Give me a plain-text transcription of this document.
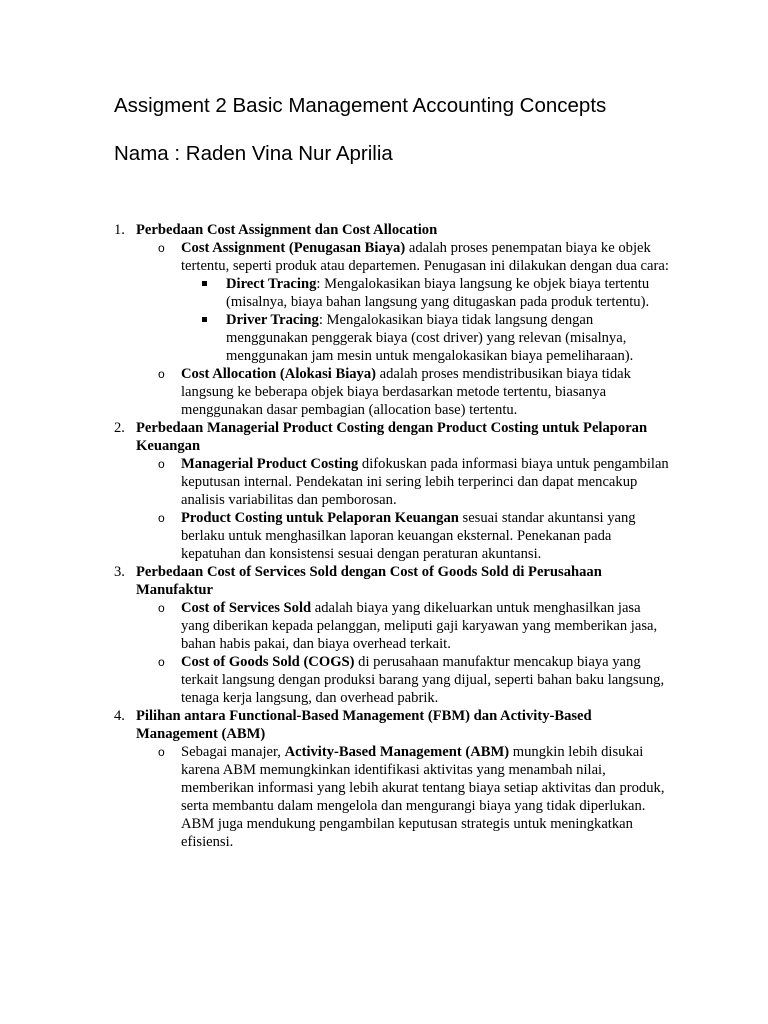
Assigment 2 Basic Management Accounting Concepts
Nama : Raden Vina Nur Aprilia
1. Perbedaan Cost Assignment dan Cost Allocation
o Cost Assignment (Penugasan Biaya) adalah proses penempatan biaya ke objek tertentu, seperti produk atau departemen. Penugasan ini dilakukan dengan dua cara:
Direct Tracing: Mengalokasikan biaya langsung ke objek biaya tertentu (misalnya, biaya bahan langsung yang ditugaskan pada produk tertentu).
Driver Tracing: Mengalokasikan biaya tidak langsung dengan menggunakan penggerak biaya (cost driver) yang relevan (misalnya, menggunakan jam mesin untuk mengalokasikan biaya pemeliharaan).
o Cost Allocation (Alokasi Biaya) adalah proses mendistribusikan biaya tidak langsung ke beberapa objek biaya berdasarkan metode tertentu, biasanya menggunakan dasar pembagian (allocation base) tertentu.
2. Perbedaan Managerial Product Costing dengan Product Costing untuk Pelaporan Keuangan
o Managerial Product Costing difokuskan pada informasi biaya untuk pengambilan keputusan internal. Pendekatan ini sering lebih terperinci dan dapat mencakup analisis variabilitas dan pemborosan.
o Product Costing untuk Pelaporan Keuangan sesuai standar akuntansi yang berlaku untuk menghasilkan laporan keuangan eksternal. Penekanan pada kepatuhan dan konsistensi sesuai dengan peraturan akuntansi.
3. Perbedaan Cost of Services Sold dengan Cost of Goods Sold di Perusahaan Manufaktur
o Cost of Services Sold adalah biaya yang dikeluarkan untuk menghasilkan jasa yang diberikan kepada pelanggan, meliputi gaji karyawan yang memberikan jasa, bahan habis pakai, dan biaya overhead terkait.
o Cost of Goods Sold (COGS) di perusahaan manufaktur mencakup biaya yang terkait langsung dengan produksi barang yang dijual, seperti bahan baku langsung, tenaga kerja langsung, dan overhead pabrik.
4. Pilihan antara Functional-Based Management (FBM) dan Activity-Based Management (ABM)
o Sebagai manajer, Activity-Based Management (ABM) mungkin lebih disukai karena ABM memungkinkan identifikasi aktivitas yang menambah nilai, memberikan informasi yang lebih akurat tentang biaya setiap aktivitas dan produk, serta membantu dalam mengelola dan mengurangi biaya yang tidak diperlukan. ABM juga mendukung pengambilan keputusan strategis untuk meningkatkan efisiensi.
